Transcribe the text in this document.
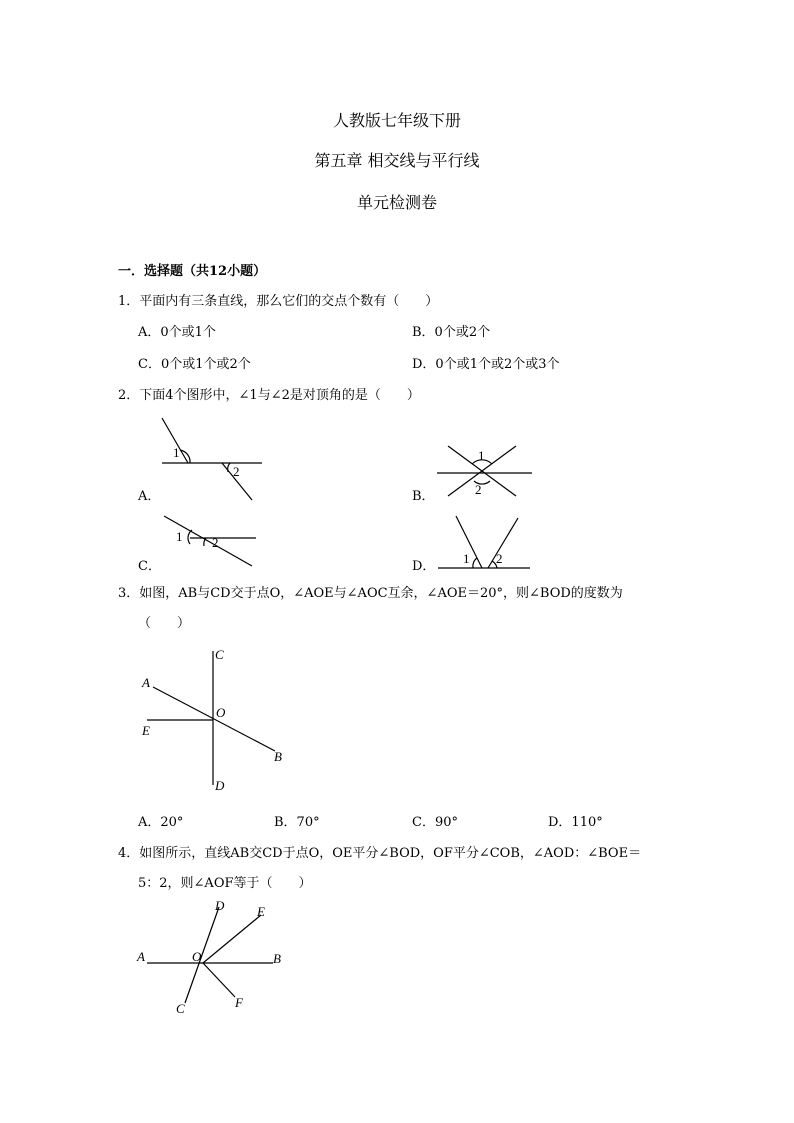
人教版七年级下册
第五章 相交线与平行线
单元检测卷
一．选择题（共12小题）
1．平面内有三条直线，那么它们的交点个数有（　　）
A．0个或1个	B．0个或2个
C．0个或1个或2个	D．0个或1个或2个或3个
2．下面4个图形中，∠1与∠2是对顶角的是（　　）
A．
1
2
B．
1
2
C．
1 2
D．
1 2
3．如图，AB与CD交于点O，∠AOE与∠AOC互余，∠AOE＝20°，则∠BOD的度数为
（　　）
C
A
O
E
B
D
A．20°	B．70°	C．90°	D．110°
4．如图所示，直线AB交CD于点O，OE平分∠BOD，OF平分∠COB，∠AOD：∠BOE＝
5：2，则∠AOF等于（　　）
A
D	E
O	B
F
C
